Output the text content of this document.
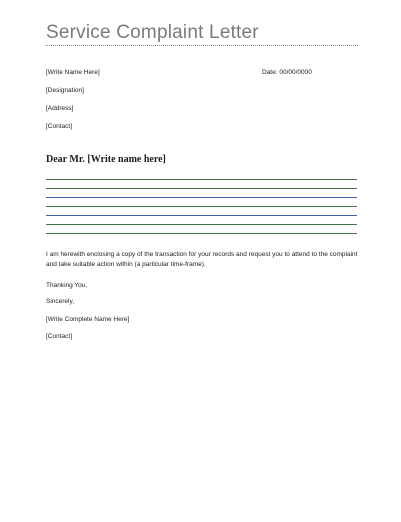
Service Complaint Letter
[Write Name Here]	Date: 00/00/0000
[Designation]
[Address]
[Contact]
Dear Mr. [Write name here]
I am herewith enclosing a copy of the transaction for your records and request you to attend to the complaint and take suitable action within (a particular time-frame).
Thanking You,
Sincerely,
[Write Complete Name Here]
[Contact]
